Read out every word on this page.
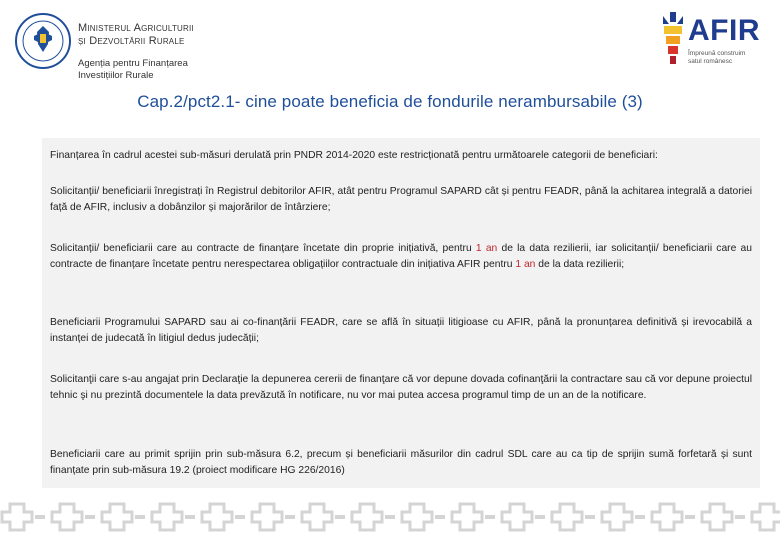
Ministerul Agriculturii
și Dezvoltării Rurale
Agenția pentru Finanțarea
Investițiilor Rurale
AFIR
Împreună construim
satul românesc
Cap.2/pct2.1- cine poate beneficia de fondurile nerambursabile (3)

Finanțarea în cadrul acestei sub-măsuri derulată prin PNDR 2014-2020 este restricționată pentru următoarele categorii de beneficiari:

Solicitanții/ beneficiarii înregistrați în Registrul debitorilor AFIR, atât pentru Programul SAPARD cât și pentru FEADR, până la achitarea integrală a datoriei față de AFIR, inclusiv a dobânzilor și majorărilor de întârziere;

Solicitanții/ beneficiarii care au contracte de finanțare încetate din proprie inițiativă, pentru 1 an de la data rezilierii, iar solicitanții/ beneficiarii care au contracte de finanțare încetate pentru nerespectarea obligațiilor contractuale din inițiativa AFIR pentru 1 an de la data rezilierii;

Beneficiarii Programului SAPARD sau ai co-finanțării FEADR, care se află în situații litigioase cu AFIR, până la pronunțarea definitivă și irevocabilă a instanței de judecată în litigiul dedus judecății;

Solicitanţii care s-au angajat prin Declaraţie la depunerea cererii de finanţare că vor depune dovada cofinanţării la contractare sau că vor depune proiectul tehnic şi nu prezintă documentele la data prevăzută în notificare, nu vor mai putea accesa programul timp de un an de la notificare.

Beneficiarii care au primit sprijin prin sub-măsura 6.2, precum și beneficiarii măsurilor din cadrul SDL care au ca tip de sprijin sumă forfetară și sunt finanțate prin sub-măsura 19.2 (proiect modificare HG 226/2016)
